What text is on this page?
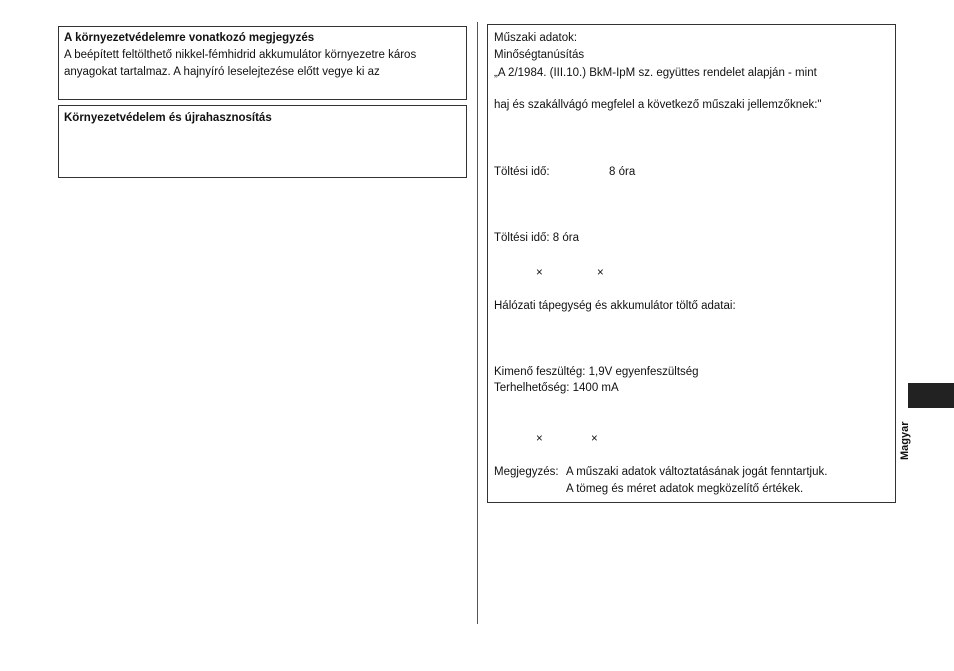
A környezetvédelemre vonatkozó megjegyzés
A beépített feltölthető nikkel-fémhidrid akkumulátor környezetre káros
anyagokat tartalmaz. A hajnyíró leselejtezése előtt vegye ki az
Környezetvédelem és újrahasznosítás
Műszaki adatok:
Minőségtanúsítás
„A 2/1984. (III.10.) BkM-IpM sz. együttes rendelet alapján - mint
haj és szakállvágó megfelel a következő műszaki jellemzőknek:"
Töltési idő:	8 óra
Töltési idő: 8 óra
×	×
Hálózati tápegység és akkumulátor töltő adatai:
Kimenő feszültég: 1,9V egyenfeszültség
Terhelhetőség: 1400 mA
×	×
Megjegyzés: A műszaki adatok változtatásának jogát fenntartjuk.
A tömeg és méret adatok megközelítő értékek.
Magyar
